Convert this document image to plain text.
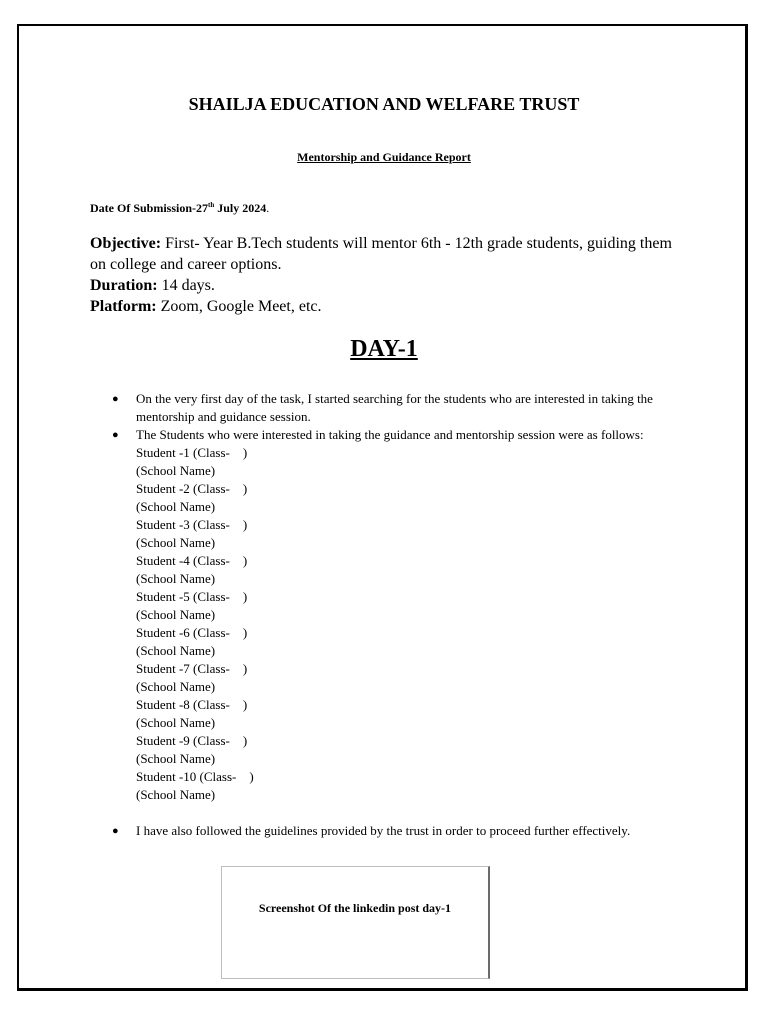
SHAILJA EDUCATION AND WELFARE TRUST
Mentorship and Guidance Report
Date Of Submission-27th July 2024.
Objective: First- Year B.Tech students will mentor 6th - 12th grade students, guiding them on college and career options.
Duration: 14 days.
Platform: Zoom, Google Meet, etc.
DAY-1
● On the very first day of the task, I started searching for the students who are interested in taking the mentorship and guidance session.
● The Students who were interested in taking the guidance and mentorship session were as follows:
Student -1 (Class-    )
(School Name)
Student -2 (Class-    )
(School Name)
Student -3 (Class-    )
(School Name)
Student -4 (Class-    )
(School Name)
Student -5 (Class-    )
(School Name)
Student -6 (Class-    )
(School Name)
Student -7 (Class-    )
(School Name)
Student -8 (Class-    )
(School Name)
Student -9 (Class-    )
(School Name)
Student -10 (Class-    )
(School Name)
● I have also followed the guidelines provided by the trust in order to proceed further effectively.
Screenshot Of the linkedin post day-1
